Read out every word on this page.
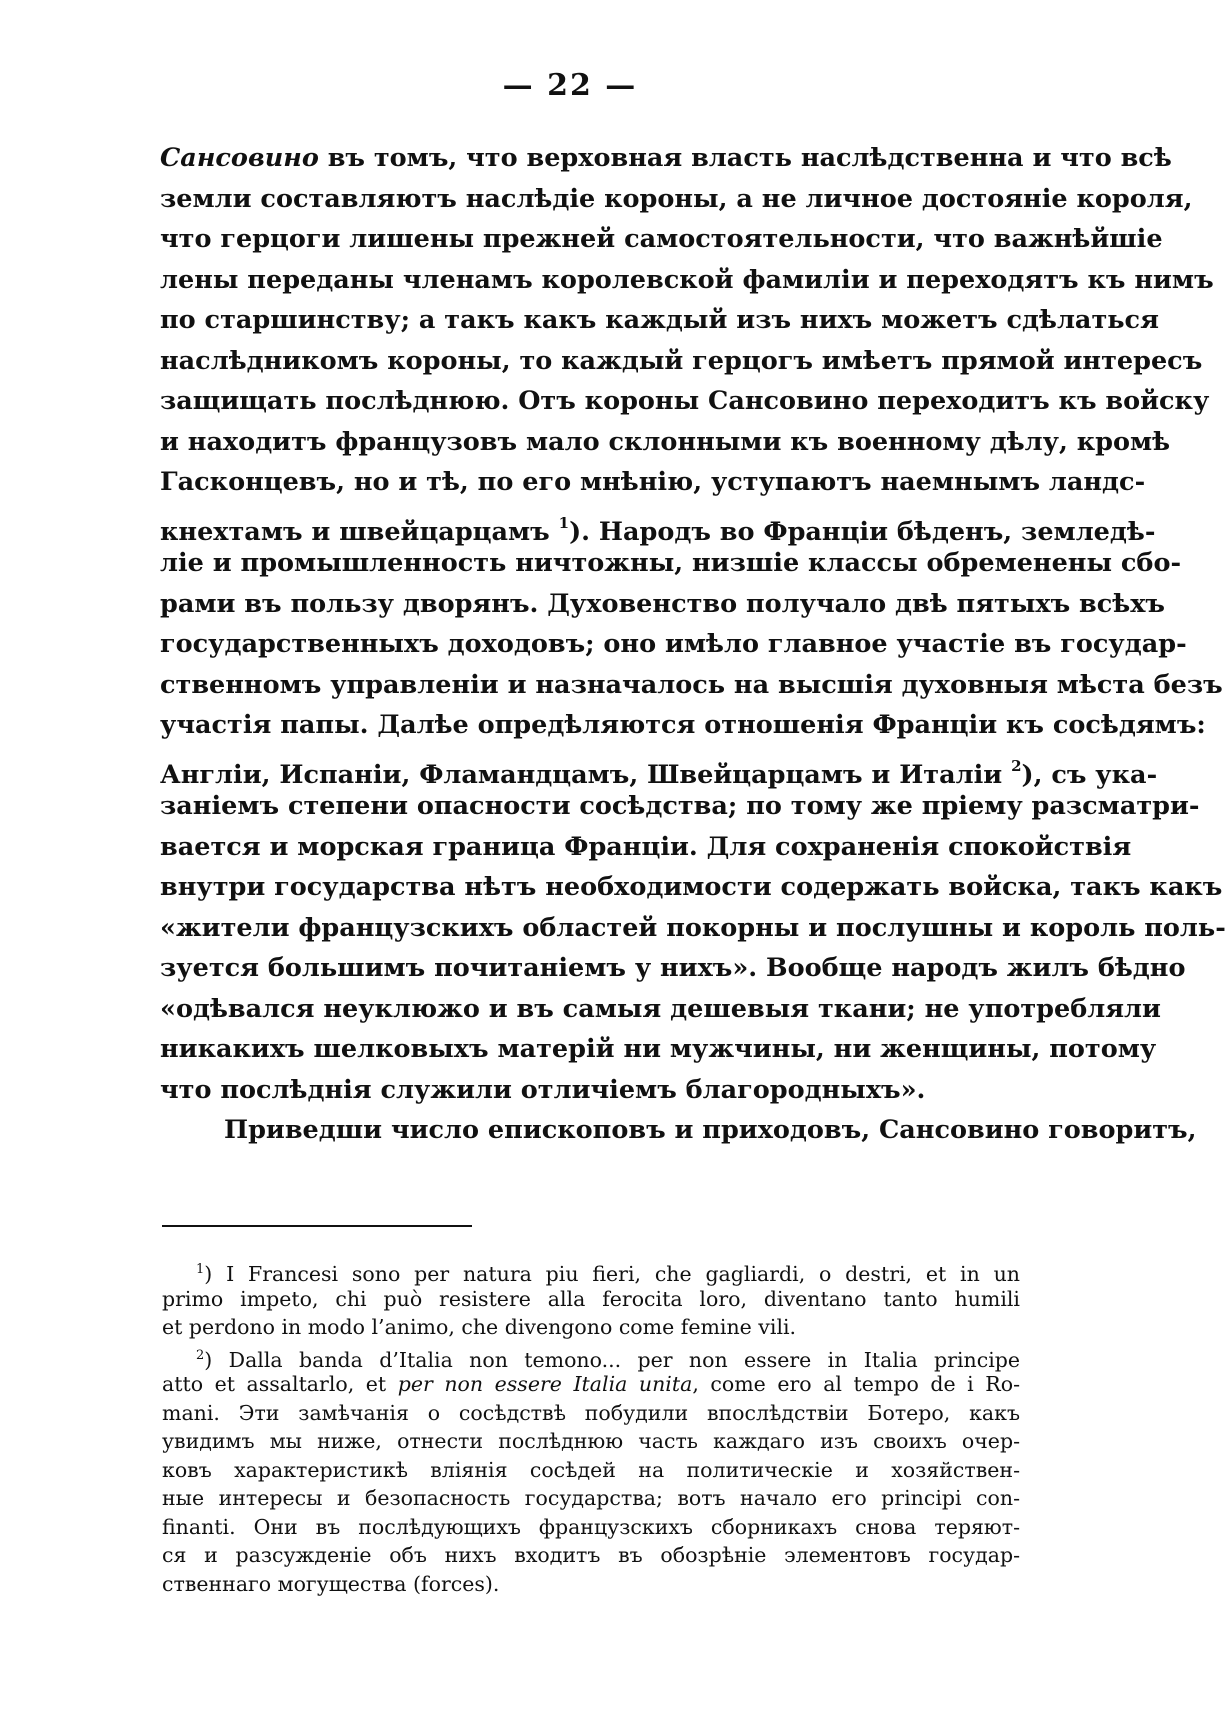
— 22 —
Сансовино въ томъ, что верховная власть наслѣдственна и что всѣ
земли составляютъ наслѣдіе короны, а не личное достояніе короля,
что герцоги лишены прежней самостоятельности, что важнѣйшіе
лены переданы членамъ королевской фамиліи и переходятъ къ нимъ
по старшинству; а такъ какъ каждый изъ нихъ можетъ сдѣлаться
наслѣдникомъ короны, то каждый герцогъ имѣетъ прямой интересъ
защищать послѣднюю. Отъ короны Сансовино переходитъ къ войску
и находитъ французовъ мало склонными къ военному дѣлу, кромѣ
Гасконцевъ, но и тѣ, по его мнѣнію, уступаютъ наемнымъ ландс-
кнехтамъ и швейцарцамъ $^1$). Народъ во Франціи бѣденъ, земледѣ-
ліе и промышленность ничтожны, низшіе классы обременены сбо-
рами въ пользу дворянъ. Духовенство получало двѣ пятыхъ всѣхъ
государственныхъ доходовъ; оно имѣло главное участіе въ государ-
ственномъ управленіи и назначалось на высшія духовныя мѣста безъ
участія папы. Далѣе опредѣляются отношенія Франціи къ сосѣдямъ:
Англіи, Испаніи, Фламандцамъ, Швейцарцамъ и Италіи $^2$), съ ука-
заніемъ степени опасности сосѣдства; по тому же пріему разсматри-
вается и морская граница Франціи. Для сохраненія спокойствія
внутри государства нѣтъ необходимости содержать войска, такъ какъ
«жители французскихъ областей покорны и послушны и король поль-
зуется большимъ почитаніемъ у нихъ». Вообще народъ жилъ бѣдно
«одѣвался неуклюжо и въ самыя дешевыя ткани; не употребляли
никакихъ шелковыхъ матерій ни мужчины, ни женщины, потому
что послѣднія служили отличіемъ благородныхъ».
Приведши число епископовъ и приходовъ, Сансовино говоритъ,
$^1$) I Francesi sono per natura piu fieri, che gagliardi, o destri, et in un
primo impeto, chi può resistere alla ferocita loro, diventano tanto humili
et perdono in modo l’animo, che divengono come femine vili.
$^2$) Dalla banda d’Italia non temono... per non essere in Italia principe
atto et assaltarlo, et per non essere Italia unita, come ero al tempo de i Ro-
mani. Эти замѣчанія о сосѣдствѣ побудили впослѣдствіи Ботеро, какъ
увидимъ мы ниже, отнести послѣднюю часть каждаго изъ своихъ очер-
ковъ характеристикѣ вліянія сосѣдей на политическіе и хозяйствен-
ные интересы и безопасность государства; вотъ начало его principi con-
finanti. Они въ послѣдующихъ французскихъ сборникахъ снова теряют-
ся и разсужденіе объ нихъ входитъ въ обозрѣніе элементовъ государ-
ственнаго могущества (forces).
